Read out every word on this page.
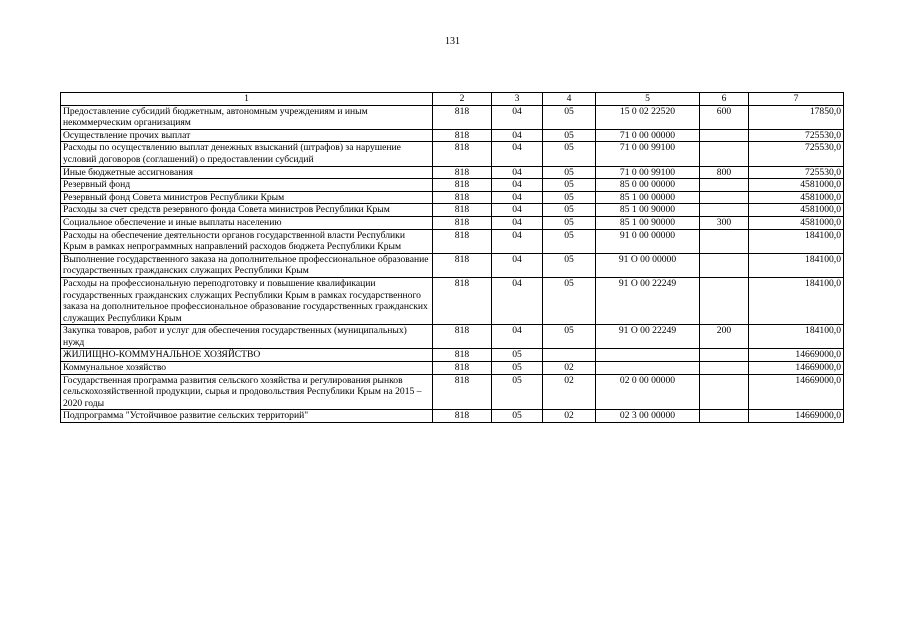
131
1	2	3	4	5	6	7
Предоставление субсидий бюджетным, автономным учреждениям и иным некоммерческим организациям	818	04	05	15 0 02 22520	600	17850,0
Осуществление прочих выплат	818	04	05	71 0 00 00000		725530,0
Расходы по осуществлению выплат денежных взысканий (штрафов) за нарушение условий договоров (соглашений) о предоставлении субсидий	818	04	05	71 0 00 99100		725530,0
Иные бюджетные ассигнования	818	04	05	71 0 00 99100	800	725530,0
Резервный фонд	818	04	05	85 0 00 00000		4581000,0
Резервный фонд Совета министров Республики Крым	818	04	05	85 1 00 00000		4581000,0
Расходы за счет средств резервного фонда Совета министров Республики Крым	818	04	05	85 1 00 90000		4581000,0
Социальное обеспечение и иные выплаты населению	818	04	05	85 1 00 90000	300	4581000,0
Расходы на обеспечение деятельности органов государственной власти Республики Крым в рамках непрограммных направлений расходов бюджета Республики Крым	818	04	05	91 0 00 00000		184100,0
Выполнение государственного заказа на дополнительное профессиональное образование государственных гражданских служащих Республики Крым	818	04	05	91 О 00 00000		184100,0
Расходы на профессиональную переподготовку и повышение квалификации государственных гражданских служащих Республики Крым в рамках государственного заказа на дополнительное профессиональное образование государственных гражданских служащих Республики Крым	818	04	05	91 О 00 22249		184100,0
Закупка товаров, работ и услуг для обеспечения государственных (муниципальных) нужд	818	04	05	91 О 00 22249	200	184100,0
ЖИЛИЩНО-КОММУНАЛЬНОЕ ХОЗЯЙСТВО	818	05				14669000,0
Коммунальное хозяйство	818	05	02			14669000,0
Государственная программа развития сельского хозяйства и регулирования рынков сельскохозяйственной продукции, сырья и продовольствия Республики Крым на 2015 – 2020 годы	818	05	02	02 0 00 00000		14669000,0
Подпрограмма "Устойчивое развитие сельских территорий"	818	05	02	02 3 00 00000		14669000,0
